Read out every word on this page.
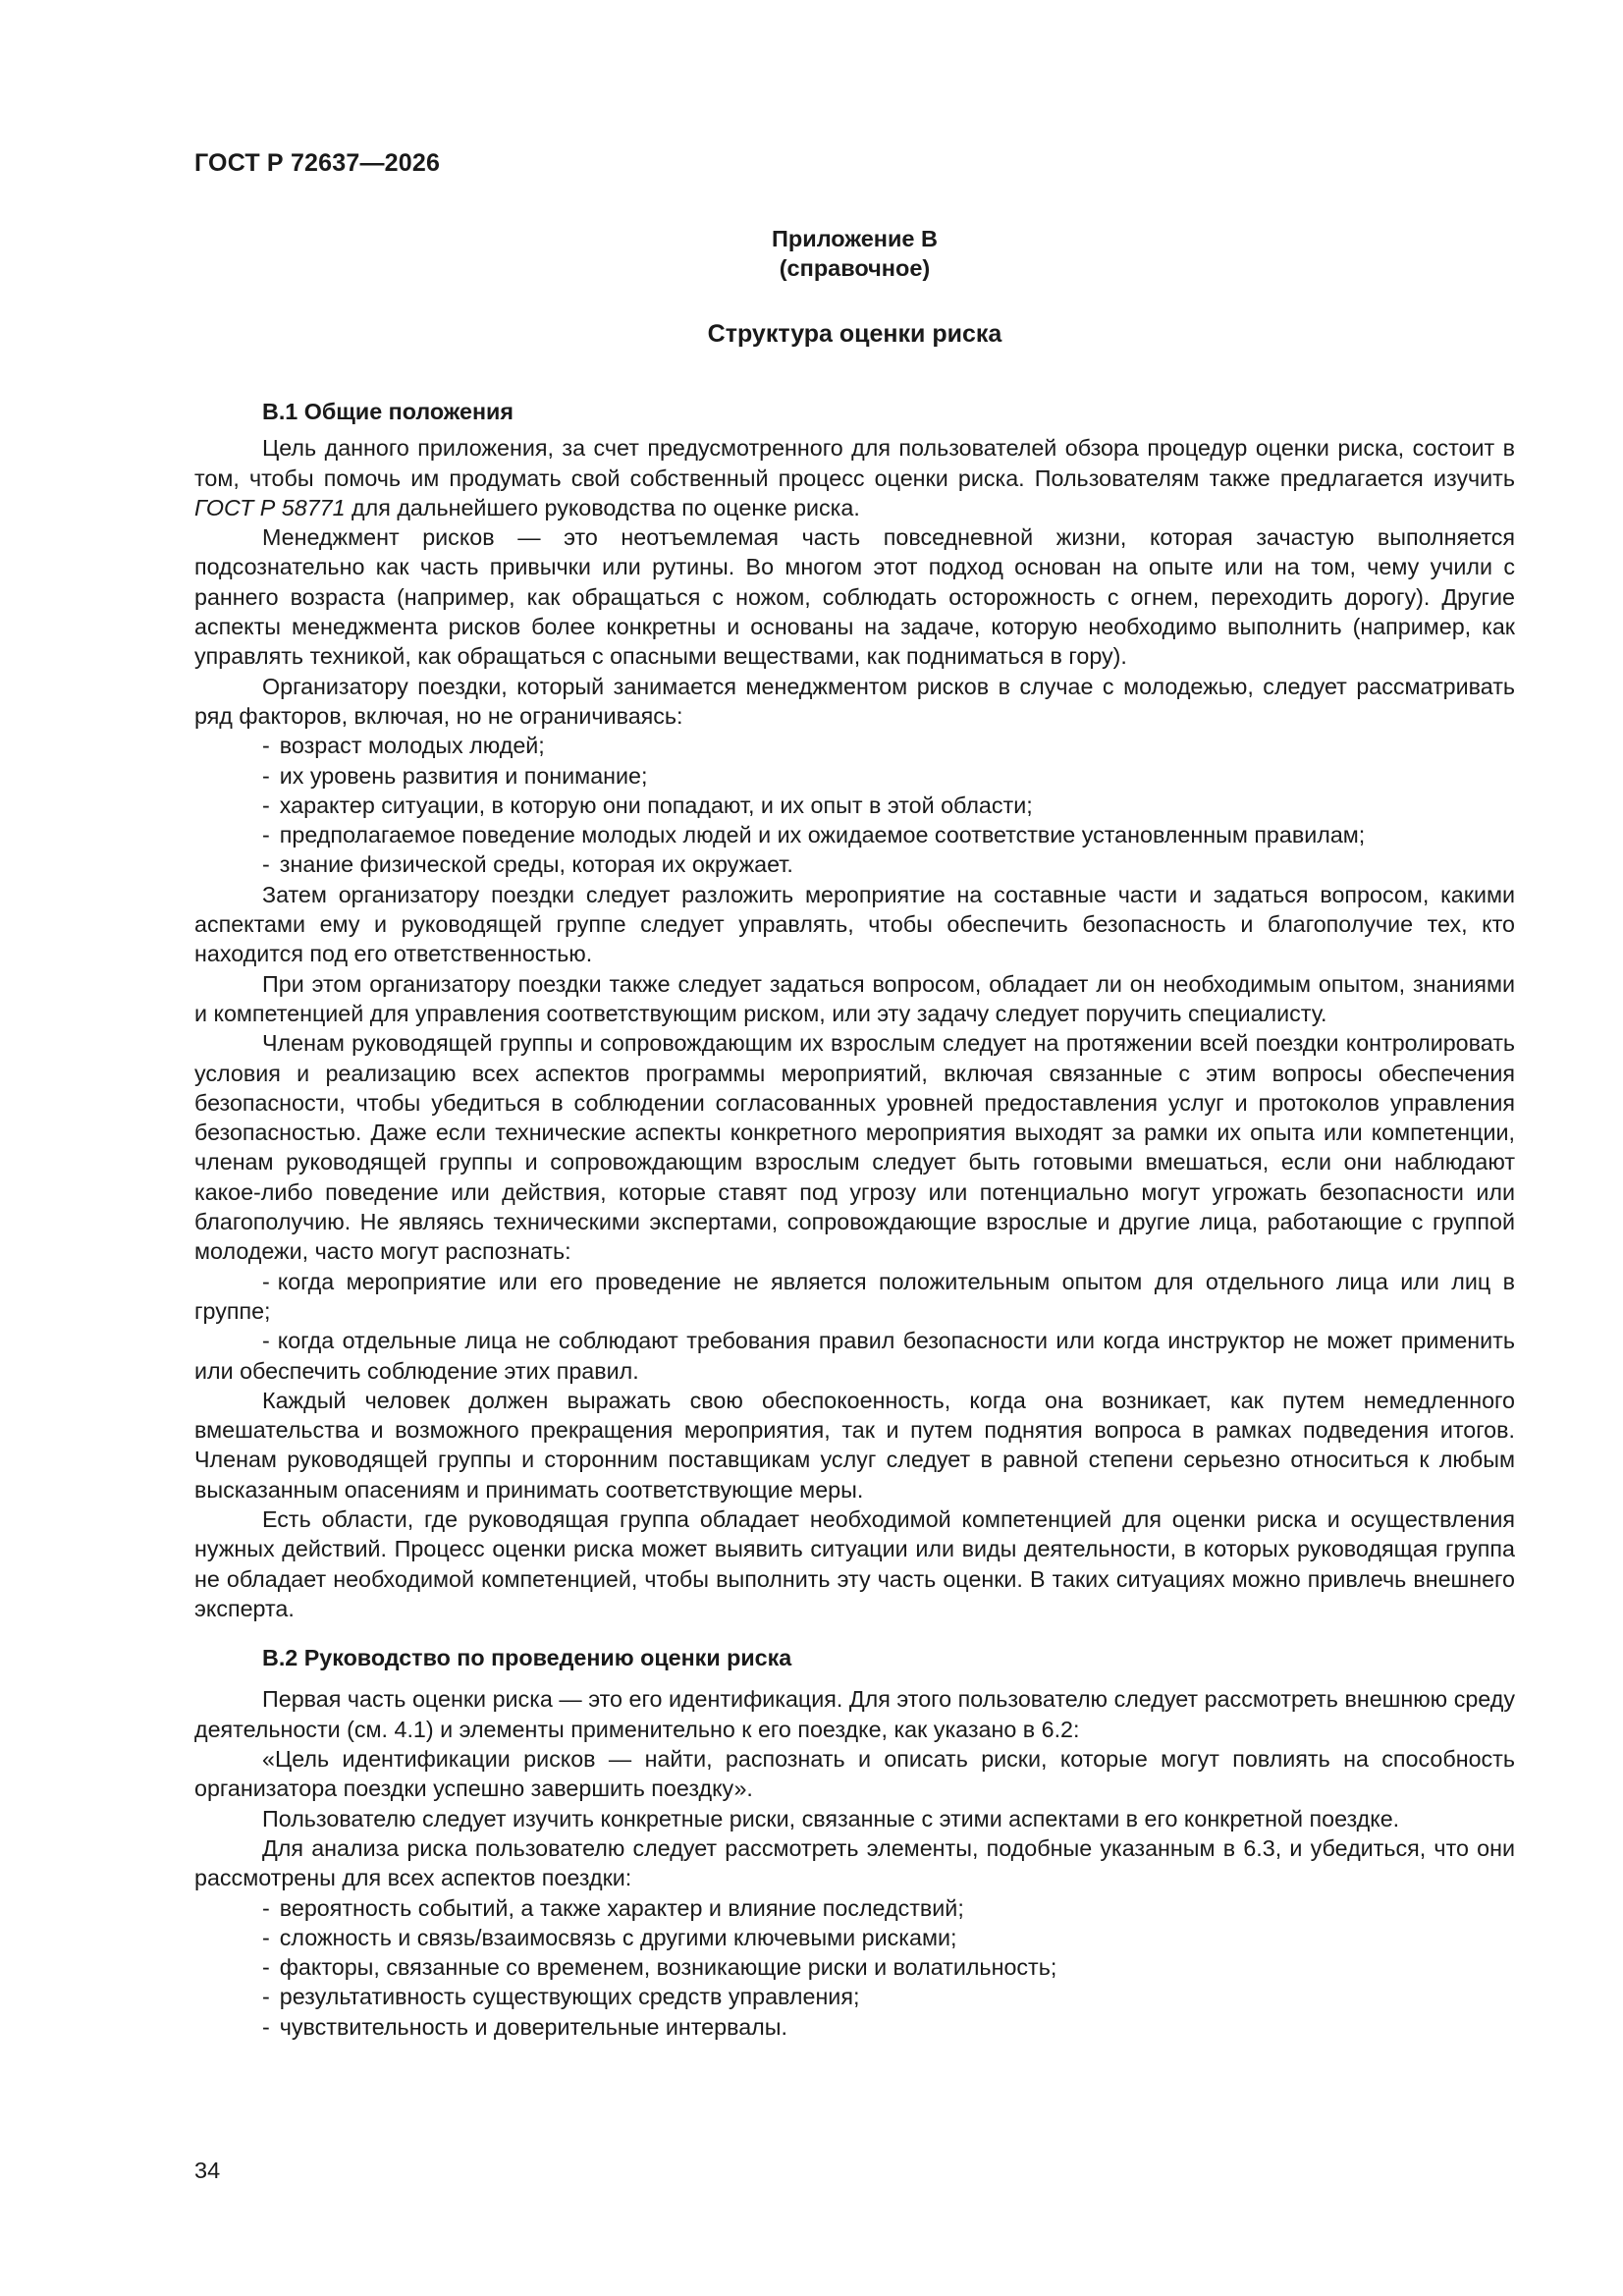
ГОСТ Р 72637—2026
Приложение В
(справочное)
Структура оценки риска
В.1 Общие положения

Цель данного приложения, за счет предусмотренного для пользователей обзора процедур оценки риска, состоит в том, чтобы помочь им продумать свой собственный процесс оценки риска. Пользователям также предлагается изучить ГОСТ Р 58771 для дальнейшего руководства по оценке риска.

Менеджмент рисков — это неотъемлемая часть повседневной жизни, которая зачастую выполняется подсознательно как часть привычки или рутины. Во многом этот подход основан на опыте или на том, чему учили с раннего возраста (например, как обращаться с ножом, соблюдать осторожность с огнем, переходить дорогу). Другие аспекты менеджмента рисков более конкретны и основаны на задаче, которую необходимо выполнить (например, как управлять техникой, как обращаться с опасными веществами, как подниматься в гору).

Организатору поездки, который занимается менеджментом рисков в случае с молодежью, следует рассматривать ряд факторов, включая, но не ограничиваясь:

- возраст молодых людей;
- их уровень развития и понимание;
- характер ситуации, в которую они попадают, и их опыт в этой области;
- предполагаемое поведение молодых людей и их ожидаемое соответствие установленным правилам;
- знание физической среды, которая их окружает.

Затем организатору поездки следует разложить мероприятие на составные части и задаться вопросом, какими аспектами ему и руководящей группе следует управлять, чтобы обеспечить безопасность и благополучие тех, кто находится под его ответственностью.

При этом организатору поездки также следует задаться вопросом, обладает ли он необходимым опытом, знаниями и компетенцией для управления соответствующим риском, или эту задачу следует поручить специалисту.

Членам руководящей группы и сопровождающим их взрослым следует на протяжении всей поездки контролировать условия и реализацию всех аспектов программы мероприятий, включая связанные с этим вопросы обеспечения безопасности, чтобы убедиться в соблюдении согласованных уровней предоставления услуг и протоколов управления безопасностью. Даже если технические аспекты конкретного мероприятия выходят за рамки их опыта или компетенции, членам руководящей группы и сопровождающим взрослым следует быть готовыми вмешаться, если они наблюдают какое-либо поведение или действия, которые ставят под угрозу или потенциально могут угрожать безопасности или благополучию. Не являясь техническими экспертами, сопровождающие взрослые и другие лица, работающие с группой молодежи, часто могут распознать:

- когда мероприятие или его проведение не является положительным опытом для отдельного лица или лиц в группе;

- когда отдельные лица не соблюдают требования правил безопасности или когда инструктор не может применить или обеспечить соблюдение этих правил.

Каждый человек должен выражать свою обеспокоенность, когда она возникает, как путем немедленного вмешательства и возможного прекращения мероприятия, так и путем поднятия вопроса в рамках подведения итогов. Членам руководящей группы и сторонним поставщикам услуг следует в равной степени серьезно относиться к любым высказанным опасениям и принимать соответствующие меры.

Есть области, где руководящая группа обладает необходимой компетенцией для оценки риска и осуществления нужных действий. Процесс оценки риска может выявить ситуации или виды деятельности, в которых руководящая группа не обладает необходимой компетенцией, чтобы выполнить эту часть оценки. В таких ситуациях можно привлечь внешнего эксперта.

В.2 Руководство по проведению оценки риска

Первая часть оценки риска — это его идентификация. Для этого пользователю следует рассмотреть внешнюю среду деятельности (см. 4.1) и элементы применительно к его поездке, как указано в 6.2:

«Цель идентификации рисков — найти, распознать и описать риски, которые могут повлиять на способность организатора поездки успешно завершить поездку».

Пользователю следует изучить конкретные риски, связанные с этими аспектами в его конкретной поездке.

Для анализа риска пользователю следует рассмотреть элементы, подобные указанным в 6.3, и убедиться, что они рассмотрены для всех аспектов поездки:

- вероятность событий, а также характер и влияние последствий;
- сложность и связь/взаимосвязь с другими ключевыми рисками;
- факторы, связанные со временем, возникающие риски и волатильность;
- результативность существующих средств управления;
- чувствительность и доверительные интервалы.
34
